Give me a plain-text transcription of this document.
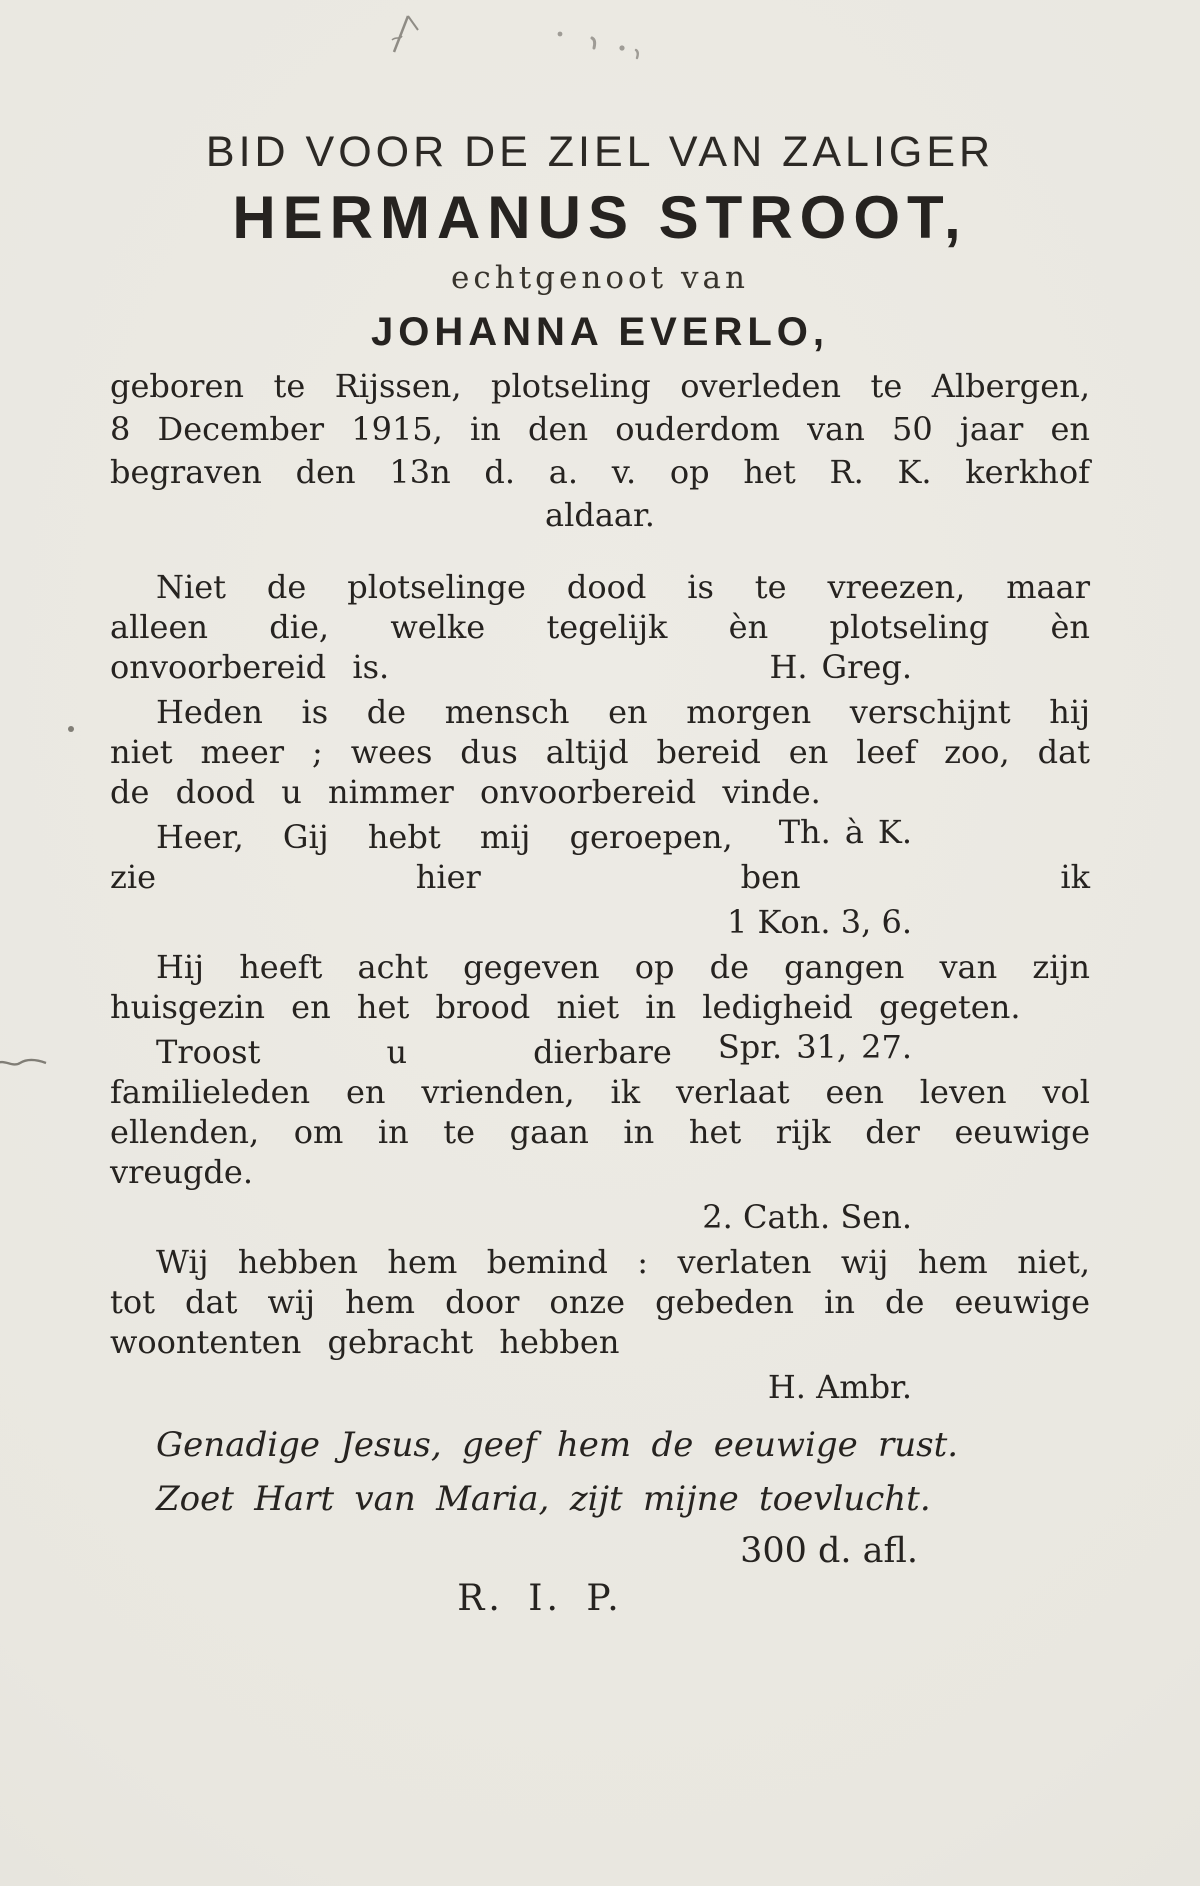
BID VOOR DE ZIEL VAN ZALIGER
HERMANUS STROOT,
echtgenoot van
JOHANNA EVERLO,

geboren te Rijssen, plotseling overleden te Albergen, 8 December 1915, in den ouderdom van 50 jaar en begraven den 13n d. a. v. op het R. K. kerkhof aldaar.

Niet de plotselinge dood is te vreezen, maar alleen die, welke tegelijk èn plotseling èn onvoorbereid is.	H. Greg.

Heden is de mensch en morgen verschijnt hij niet meer ; wees dus altijd bereid en leef zoo, dat de dood u nimmer onvoorbereid vinde.
Th. à K.

Heer, Gij hebt mij geroepen, zie hier ben ik

1 Kon. 3, 6.

Hij heeft acht gegeven op de gangen van zijn huisgezin en het brood niet in ledigheid gegeten.
Spr. 31, 27.

Troost u dierbare familieleden en vrienden, ik verlaat een leven vol ellenden, om in te gaan in het rijk der eeuwige vreugde.

2. Cath. Sen.

Wij hebben hem bemind : verlaten wij hem niet, tot dat wij hem door onze gebeden in de eeuwige woontenten gebracht hebben

H. Ambr.

Genadige Jesus, geef hem de eeuwige rust.

Zoet Hart van Maria, zijt mijne toevlucht.

300 d. afl.

R. I. P.
